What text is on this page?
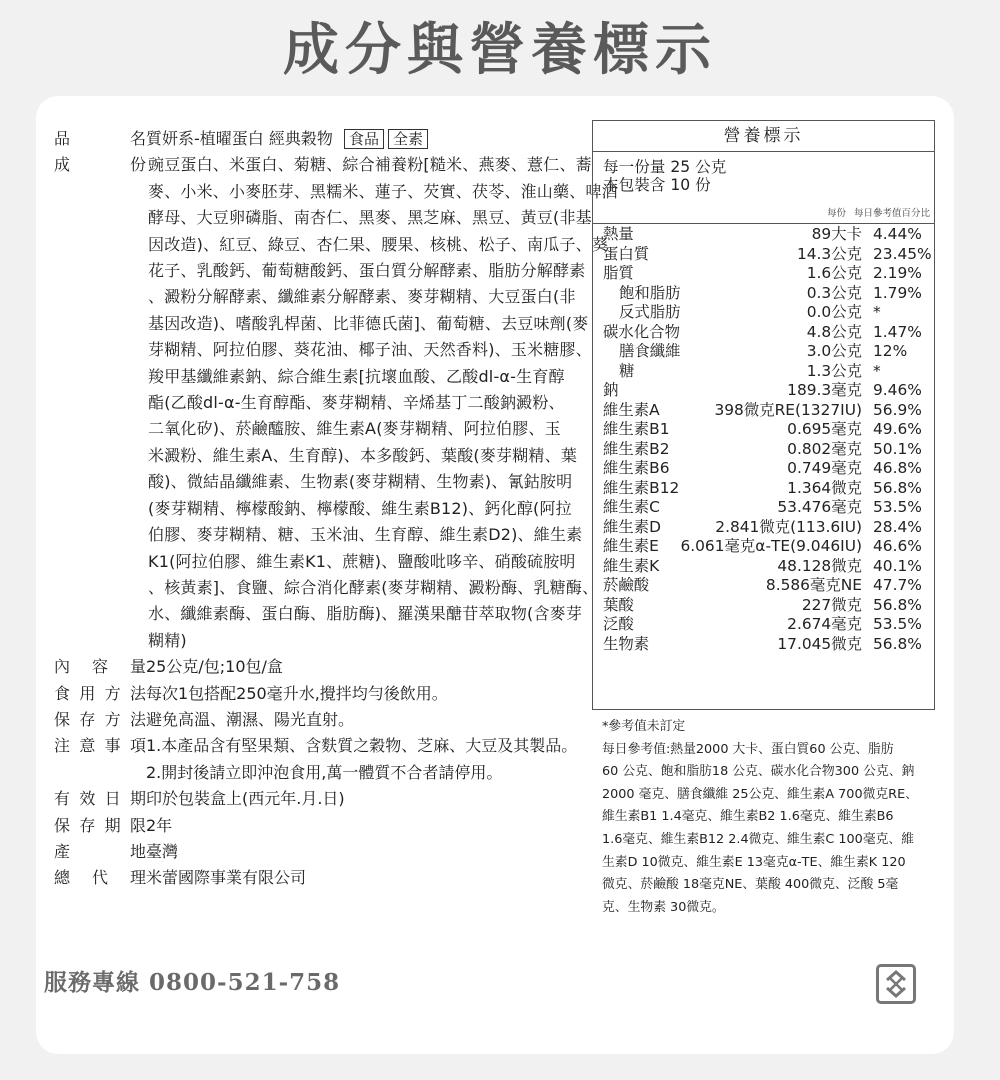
成分與營養標示
品	名 質妍系-植曜蛋白 經典穀物 食品 全素
成	份 豌豆蛋白、米蛋白、菊糖、綜合補養粉[糙米、燕麥、薏仁、蕎
麥、小米、小麥胚芽、黑糯米、蓮子、芡實、茯苓、淮山藥、啤酒
酵母、大豆卵磷脂、南杏仁、黑麥、黑芝麻、黑豆、黃豆(非基
因改造)、紅豆、綠豆、杏仁果、腰果、核桃、松子、南瓜子、葵
花子、乳酸鈣、葡萄糖酸鈣、蛋白質分解酵素、脂肪分解酵素
、澱粉分解酵素、纖維素分解酵素、麥芽糊精、大豆蛋白(非
基因改造)、嗜酸乳桿菌、比菲德氏菌]、葡萄糖、去豆味劑(麥
芽糊精、阿拉伯膠、葵花油、椰子油、天然香料)、玉米糖膠、
羧甲基纖維素鈉、綜合維生素[抗壞血酸、乙酸dl-α-生育醇
酯(乙酸dl-α-生育醇酯、麥芽糊精、辛烯基丁二酸鈉澱粉、
二氧化矽)、菸鹼醯胺、維生素A(麥芽糊精、阿拉伯膠、玉
米澱粉、維生素A、生育醇)、本多酸鈣、葉酸(麥芽糊精、葉
酸)、微結晶纖維素、生物素(麥芽糊精、生物素)、氰鈷胺明
(麥芽糊精、檸檬酸鈉、檸檬酸、維生素B12)、鈣化醇(阿拉
伯膠、麥芽糊精、糖、玉米油、生育醇、維生素D2)、維生素
K1(阿拉伯膠、維生素K1、蔗糖)、鹽酸吡哆辛、硝酸硫胺明
、核黃素]、食鹽、綜合消化酵素(麥芽糊精、澱粉酶、乳糖酶、
水、纖維素酶、蛋白酶、脂肪酶)、羅漢果醣苷萃取物(含麥芽
糊精)
內 容 量 25公克/包;10包/盒
食 用 方 法 每次1包搭配250毫升水,攪拌均勻後飲用。
保 存 方 法 避免高溫、潮濕、陽光直射。
注 意 事 項 1.本產品含有堅果類、含麩質之穀物、芝麻、大豆及其製品。
2.開封後請立即沖泡食用,萬一體質不合者請停用。
有 效 日 期 印於包裝盒上(西元年.月.日)
保 存 期 限 2年
產	地 臺灣
總 代 理 米蕾國際事業有限公司
服務專線 0800-521-758
營養標示
每一份量 25 公克
本包裝含 10 份
每份 每日參考值百分比
熱量	89大卡 4.44%
蛋白質	14.3公克 23.45%
脂質	1.6公克 2.19%
飽和脂肪	0.3公克 1.79%
反式脂肪	0.0公克 *
碳水化合物	4.8公克 1.47%
膳食纖維	3.0公克 12%
糖	1.3公克 *
鈉	189.3毫克 9.46%
維生素A	398微克RE(1327IU) 56.9%
維生素B1	0.695毫克 49.6%
維生素B2	0.802毫克 50.1%
維生素B6	0.749毫克 46.8%
維生素B12	1.364微克 56.8%
維生素C	53.476毫克 53.5%
維生素D	2.841微克(113.6IU) 28.4%
維生素E 6.061毫克α-TE(9.046IU) 46.6%
維生素K	48.128微克 40.1%
菸鹼酸	8.586毫克NE 47.7%
葉酸	227微克 56.8%
泛酸	2.674毫克 53.5%
生物素	17.045微克 56.8%
*參考值未訂定
每日參考值:熱量2000 大卡、蛋白質60 公克、脂肪
60 公克、飽和脂肪18 公克、碳水化合物300 公克、鈉
2000 毫克、膳食纖維 25公克、維生素A 700微克RE、
維生素B1 1.4毫克、維生素B2 1.6毫克、維生素B6
1.6毫克、維生素B12 2.4微克、維生素C 100毫克、維
生素D 10微克、維生素E 13毫克α-TE、維生素K 120
微克、菸鹼酸 18毫克NE、葉酸 400微克、泛酸 5毫
克、生物素 30微克。
